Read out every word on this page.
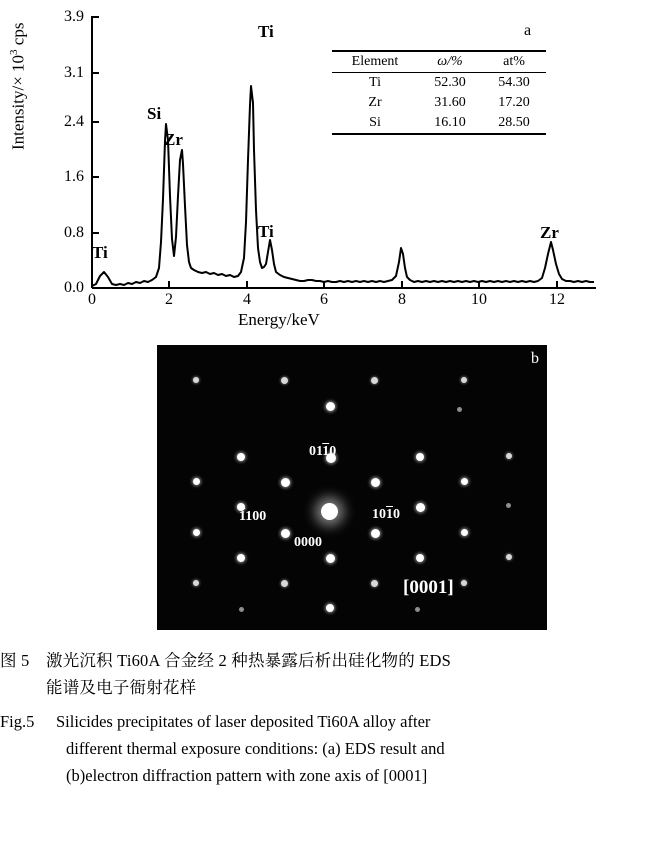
3.9
3.1
2.4
1.6
0.8
0.0
0	2	4	6	8	10	12
Intensity/× $10^3$ cps
Energy/keV
Ti
Si
Zr
Ti
Ti	Zr
a
Element	ω/%	at%
Ti	52.30	54.30
Zr	31.60	17.20
Si	16.10	28.50
0110
1100	1010
0000
[0001]
b
图 5 激光沉积 Ti60A 合金经 2 种热暴露后析出硅化物的 EDS
能谱及电子衙射花样
Fig.5	Silicides precipitates of laser deposited Ti60A alloy after
different thermal exposure conditions: (a) EDS result and
(b)electron diffraction pattern with zone axis of [0001]
